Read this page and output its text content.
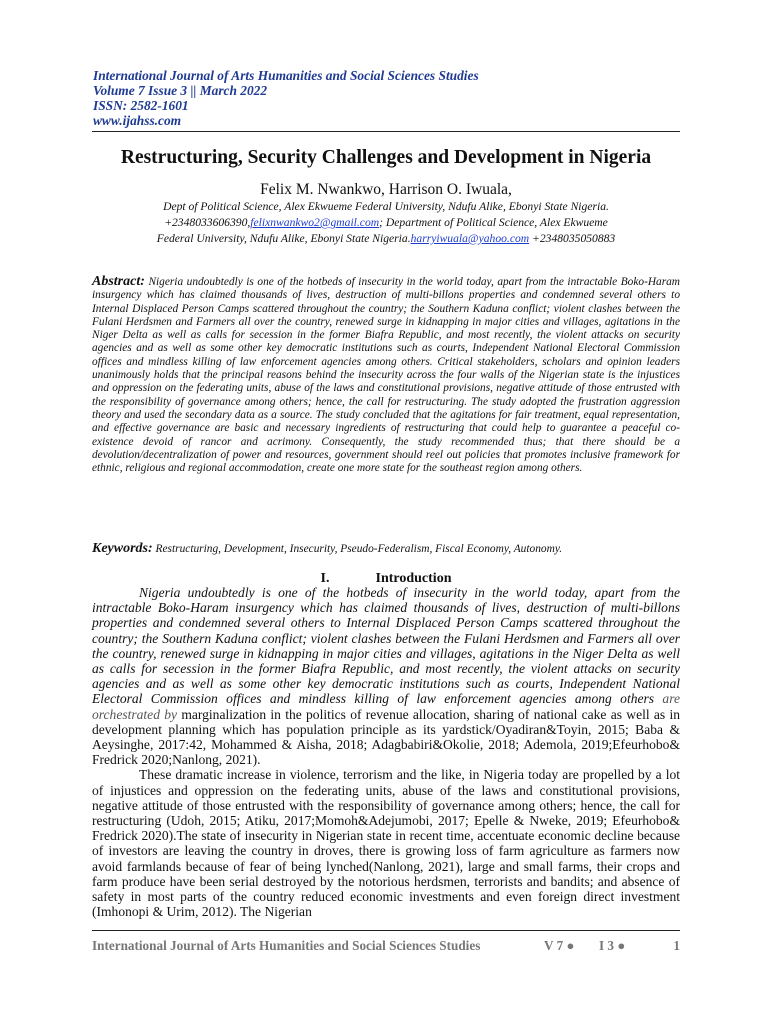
International Journal of Arts Humanities and Social Sciences Studies
Volume 7 Issue 3 || March 2022
ISSN: 2582-1601
www.ijahss.com
Restructuring, Security Challenges and Development in Nigeria
Felix M. Nwankwo, Harrison O. Iwuala,
Dept of Political Science, Alex Ekwueme Federal University, Ndufu Alike, Ebonyi State Nigeria.
+2348033606390,felixnwankwo2@gmail.com; Department of Political Science, Alex Ekwueme
Federal University, Ndufu Alike, Ebonyi State Nigeria.harryiwuala@yahoo.com +2348035050883
Abstract: Nigeria undoubtedly is one of the hotbeds of insecurity in the world today, apart from the intractable Boko-Haram insurgency which has claimed thousands of lives, destruction of multi-billons properties and condemned several others to Internal Displaced Person Camps scattered throughout the country; the Southern Kaduna conflict; violent clashes between the Fulani Herdsmen and Farmers all over the country, renewed surge in kidnapping in major cities and villages, agitations in the Niger Delta as well as calls for secession in the former Biafra Republic, and most recently, the violent attacks on security agencies and as well as some other key democratic institutions such as courts, Independent National Electoral Commission offices and mindless killing of law enforcement agencies among others. Critical stakeholders, scholars and opinion leaders unanimously holds that the principal reasons behind the insecurity across the four walls of the Nigerian state is the injustices and oppression on the federating units, abuse of the laws and constitutional provisions, negative attitude of those entrusted with the responsibility of governance among others; hence, the call for restructuring. The study adopted the frustration aggression theory and used the secondary data as a source. The study concluded that the agitations for fair treatment, equal representation, and effective governance are basic and necessary ingredients of restructuring that could help to guarantee a peaceful co-existence devoid of rancor and acrimony. Consequently, the study recommended thus; that there should be a devolution/decentralization of power and resources, government should reel out policies that promotes inclusive framework for ethnic, religious and regional accommodation, create one more state for the southeast region among others.
Keywords: Restructuring, Development, Insecurity, Pseudo-Federalism, Fiscal Economy, Autonomy.
I.	Introduction

Nigeria undoubtedly is one of the hotbeds of insecurity in the world today, apart from the intractable Boko-Haram insurgency which has claimed thousands of lives, destruction of multi-billons properties and condemned several others to Internal Displaced Person Camps scattered throughout the country; the Southern Kaduna conflict; violent clashes between the Fulani Herdsmen and Farmers all over the country, renewed surge in kidnapping in major cities and villages, agitations in the Niger Delta as well as calls for secession in the former Biafra Republic, and most recently, the violent attacks on security agencies and as well as some other key democratic institutions such as courts, Independent National Electoral Commission offices and mindless killing of law enforcement agencies among others are orchestrated by marginalization in the politics of revenue allocation, sharing of national cake as well as in development planning which has population principle as its yardstick/Oyadiran&Toyin, 2015; Baba & Aeysinghe, 2017:42, Mohammed & Aisha, 2018; Adagbabiri&Okolie, 2018; Ademola, 2019;Efeurhobo& Fredrick 2020;Nanlong, 2021).

These dramatic increase in violence, terrorism and the like, in Nigeria today are propelled by a lot of injustices and oppression on the federating units, abuse of the laws and constitutional provisions, negative attitude of those entrusted with the responsibility of governance among others; hence, the call for restructuring (Udoh, 2015; Atiku, 2017;Momoh&Adejumobi, 2017; Epelle & Nweke, 2019; Efeurhobo& Fredrick 2020).The state of insecurity in Nigerian state in recent time, accentuate economic decline because of investors are leaving the country in droves, there is growing loss of farm agriculture as farmers now avoid farmlands because of fear of being lynched(Nanlong, 2021), large and small farms, their crops and farm produce have been serial destroyed by the notorious herdsmen, terrorists and bandits; and absence of safety in most parts of the country reduced economic investments and even foreign direct investment (Imhonopi & Urim, 2012). The Nigerian

International Journal of Arts Humanities and Social Sciences Studies	V 7 ● I 3 ●	1
